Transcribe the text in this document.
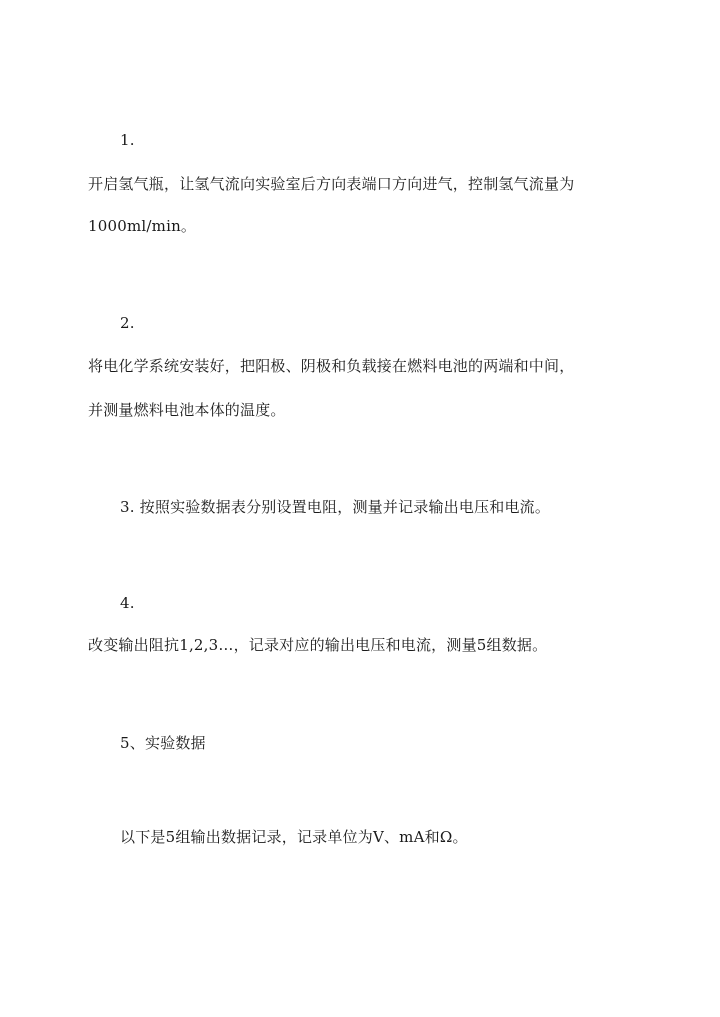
1.
开启氢气瓶，让氢气流向实验室后方向表端口方向进气，控制氢气流量为
1000ml/min。
2.
将电化学系统安装好，把阳极、阴极和负载接在燃料电池的两端和中间，
并测量燃料电池本体的温度。
3. 按照实验数据表分别设置电阻，测量并记录输出电压和电流。
4.
改变输出阻抗1,2,3…，记录对应的输出电压和电流，测量5组数据。
5、实验数据
以下是5组输出数据记录，记录单位为V、mA和Ω。
